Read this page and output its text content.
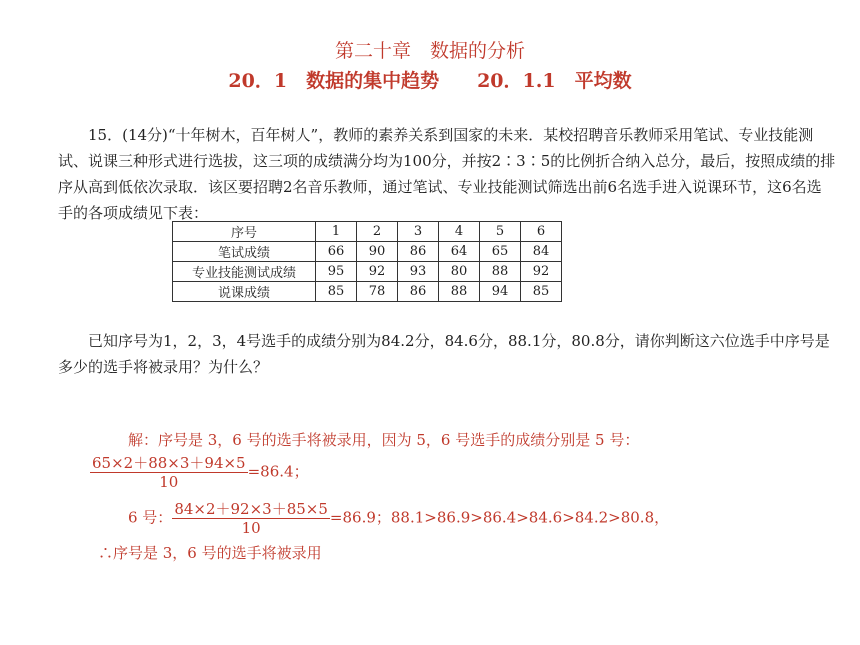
第二十章　数据的分析
20．1　数据的集中趋势　　20．1.1　平均数

15．(14分)“十年树木，百年树人”，教师的素养关系到国家的未来．某校招聘音乐教师采用笔试、专业技能测试、说课三种形式进行选拔，这三项的成绩满分均为100分，并按2∶3∶5的比例折合纳入总分，最后，按照成绩的排序从高到低依次录取．该区要招聘2名音乐教师，通过笔试、专业技能测试筛选出前6名选手进入说课环节，这6名选手的各项成绩见下表：

序号	1	2	3	4	5	6
笔试成绩	66	90	86	64	65	84
专业技能测试成绩	95	92	93	80	88	92
说课成绩	85	78	86	88	94	85

已知序号为1，2，3，4号选手的成绩分别为84.2分，84.6分，88.1分，80.8分，请你判断这六位选手中序号是多少的选手将被录用？为什么？

解：序号是 3，6 号的选手将被录用，因为 5，6 号选手的成绩分别是 5 号：
$\frac{65\times 2+88\times 3+94\times 5}{10} =86.4$；
6 号： $\frac{84\times 2+92\times 3+85\times 5}{10} =86.9$；88.1>86.9>86.4>84.6>84.2>80.8，
∴序号是 3，6 号的选手将被录用
